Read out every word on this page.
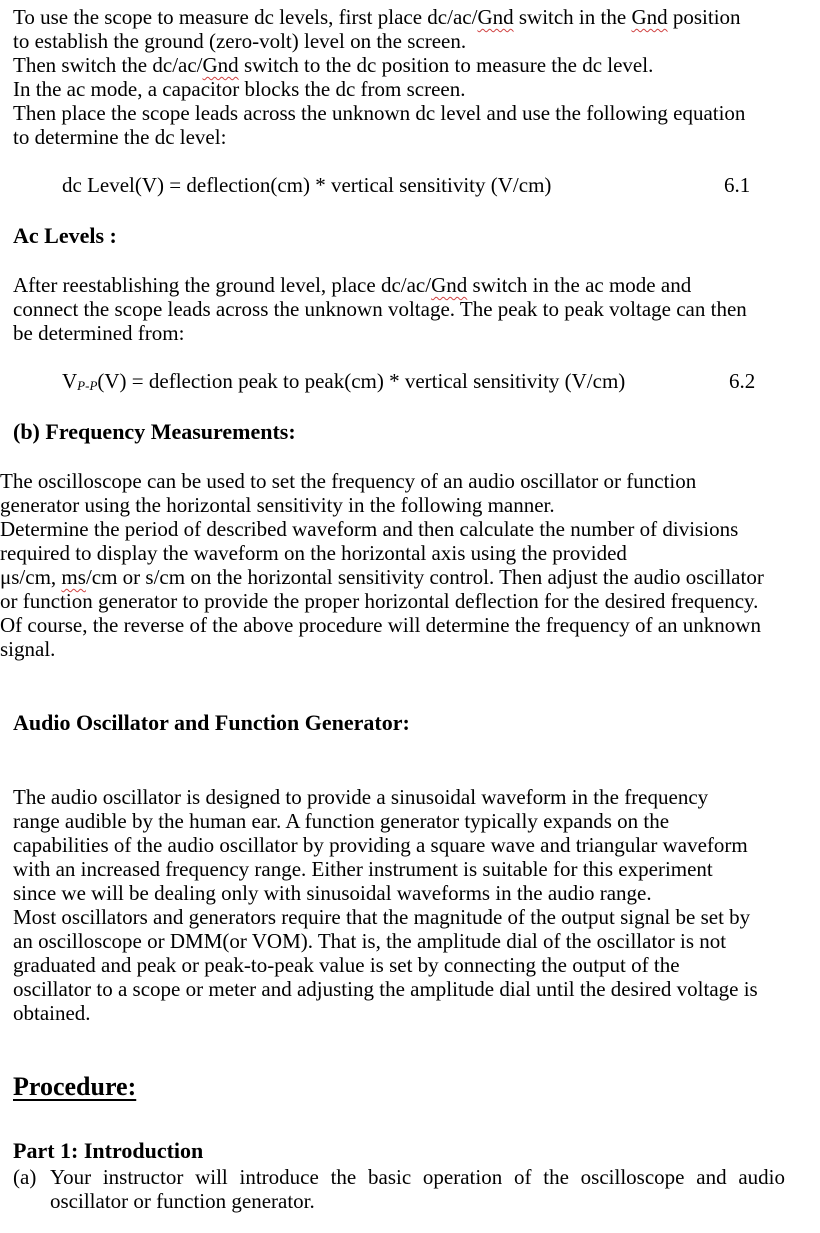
To use the scope to measure dc levels, first place dc/ac/Gnd switch in the Gnd position
to establish the ground (zero-volt) level on the screen.
Then switch the dc/ac/Gnd switch to the dc position to measure the dc level.
In the ac mode, a capacitor blocks the dc from screen.
Then place the scope leads across the unknown dc level and use the following equation
to determine the dc level:
dc Level(V) = deflection(cm) * vertical sensitivity (V/cm)	6.1
Ac Levels :
After reestablishing the ground level, place dc/ac/Gnd switch in the ac mode and
connect the scope leads across the unknown voltage. The peak to peak voltage can then
be determined from:
VP-P(V) = deflection peak to peak(cm) * vertical sensitivity (V/cm)	6.2
(b) Frequency Measurements:
The oscilloscope can be used to set the frequency of an audio oscillator or function
generator using the horizontal sensitivity in the following manner.
Determine the period of described waveform and then calculate the number of divisions
required to display the waveform on the horizontal axis using the provided
μs/cm, ms/cm or s/cm on the horizontal sensitivity control. Then adjust the audio oscillator
or function generator to provide the proper horizontal deflection for the desired frequency.
Of course, the reverse of the above procedure will determine the frequency of an unknown
signal.
Audio Oscillator and Function Generator:
The audio oscillator is designed to provide a sinusoidal waveform in the frequency
range audible by the human ear. A function generator typically expands on the
capabilities of the audio oscillator by providing a square wave and triangular waveform
with an increased frequency range. Either instrument is suitable for this experiment
since we will be dealing only with sinusoidal waveforms in the audio range.
Most oscillators and generators require that the magnitude of the output signal be set by
an oscilloscope or DMM(or VOM). That is, the amplitude dial of the oscillator is not
graduated and peak or peak-to-peak value is set by connecting the output of the
oscillator to a scope or meter and adjusting the amplitude dial until the desired voltage is
obtained.
Procedure:
Part 1: Introduction
(a) Your instructor will introduce the basic operation of the oscilloscope and audio oscillator or function generator.
